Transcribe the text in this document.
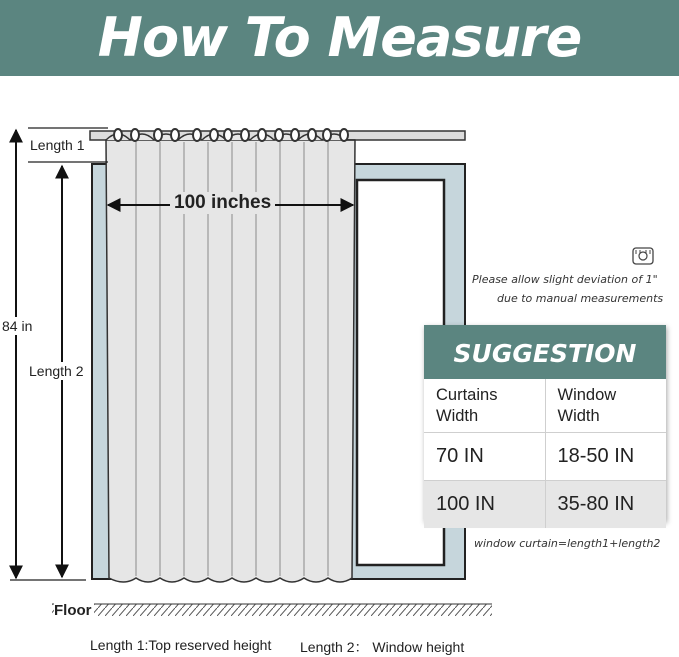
How To Measure
Length 1
Length 2
84 in
100 inches
Floor
Please allow slight deviation of 1"
due to manual measurements
SUGGESTION
Curtains
Width
Window
Width
70 IN	18-50 IN
100 IN	35-80 IN
window curtain=length1+length2
Length 1:Top reserved height Length 2： Window height
